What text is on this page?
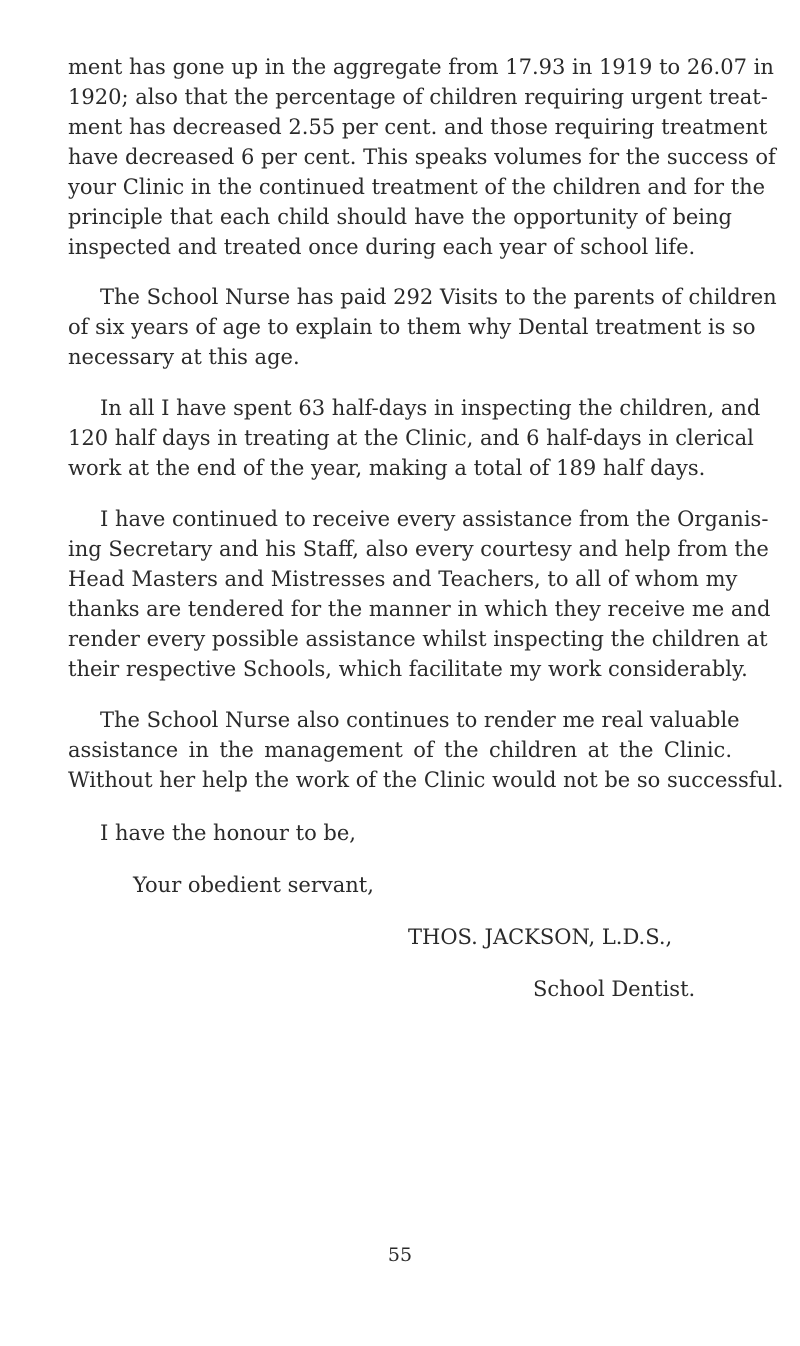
ment has gone up in the aggregate from 17.93 in 1919 to 26.07 in
1920; also that the percentage of children requiring urgent treat-
ment has decreased 2.55 per cent. and those requiring treatment
have decreased 6 per cent. This speaks volumes for the success of
your Clinic in the continued treatment of the children and for the
principle that each child should have the opportunity of being
inspected and treated once during each year of school life.
The School Nurse has paid 292 Visits to the parents of children
of six years of age to explain to them why Dental treatment is so
necessary at this age.
In all I have spent 63 half-days in inspecting the children, and
120 half days in treating at the Clinic, and 6 half-days in clerical
work at the end of the year, making a total of 189 half days.
I have continued to receive every assistance from the Organis-
ing Secretary and his Staff, also every courtesy and help from the
Head Masters and Mistresses and Teachers, to all of whom my
thanks are tendered for the manner in which they receive me and
render every possible assistance whilst inspecting the children at
their respective Schools, which facilitate my work considerably.
The School Nurse also continues to render me real valuable
assistance in the management of the children at the Clinic.
Without her help the work of the Clinic would not be so successful.
I have the honour to be,
Your obedient servant,
THOS. JACKSON, L.D.S.,
School Dentist.
55
